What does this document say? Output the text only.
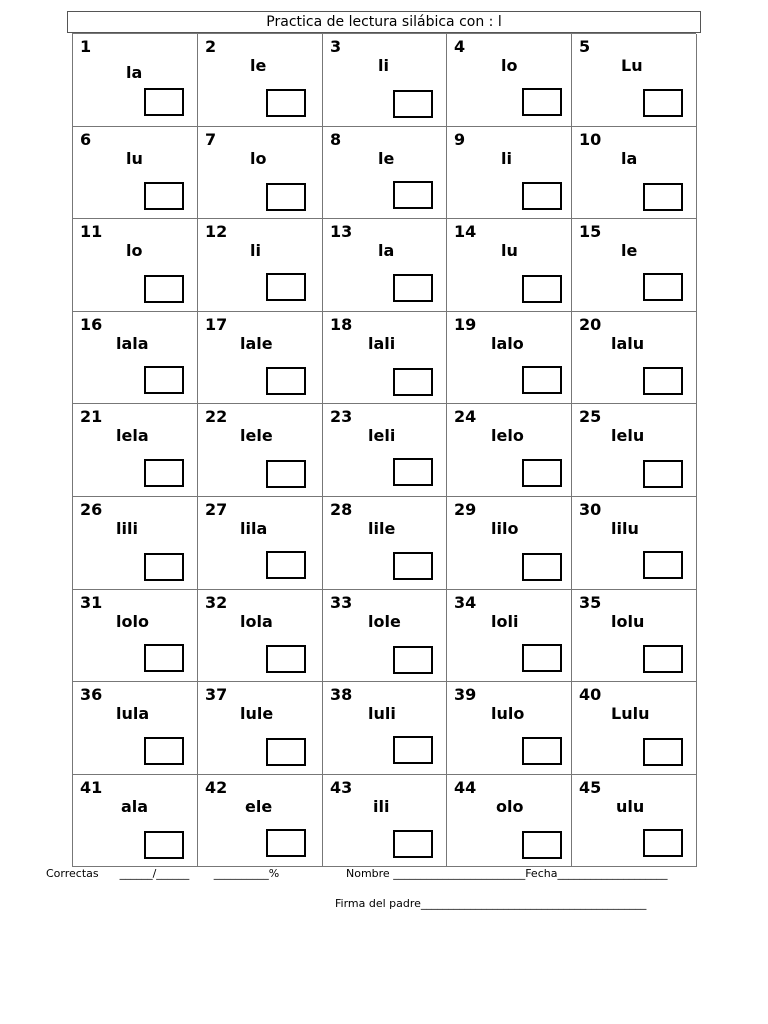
Practica de lectura silábica con : l
1
la
2
le
3
li
4
lo
5
Lu
6
lu
7
lo
8
le
9
li
10
la
11
lo
12
li
13
la
14
lu
15
le
16
lala
17
lale
18
lali
19
lalo
20
lalu
21
lela
22
lele
23
leli
24
lelo
25
lelu
26
lili
27
lila
28
lile
29
lilo
30
lilu
31
lolo
32
lola
33
lole
34
loli
35
lolu
36
lula
37
lule
38
luli
39
lulo
40
Lulu
41
ala
42
ele
43
ili
44
olo
45
ulu
Correctas      ______/______       __________%	Nombre ________________________Fecha____________________
Firma del padre_________________________________________
